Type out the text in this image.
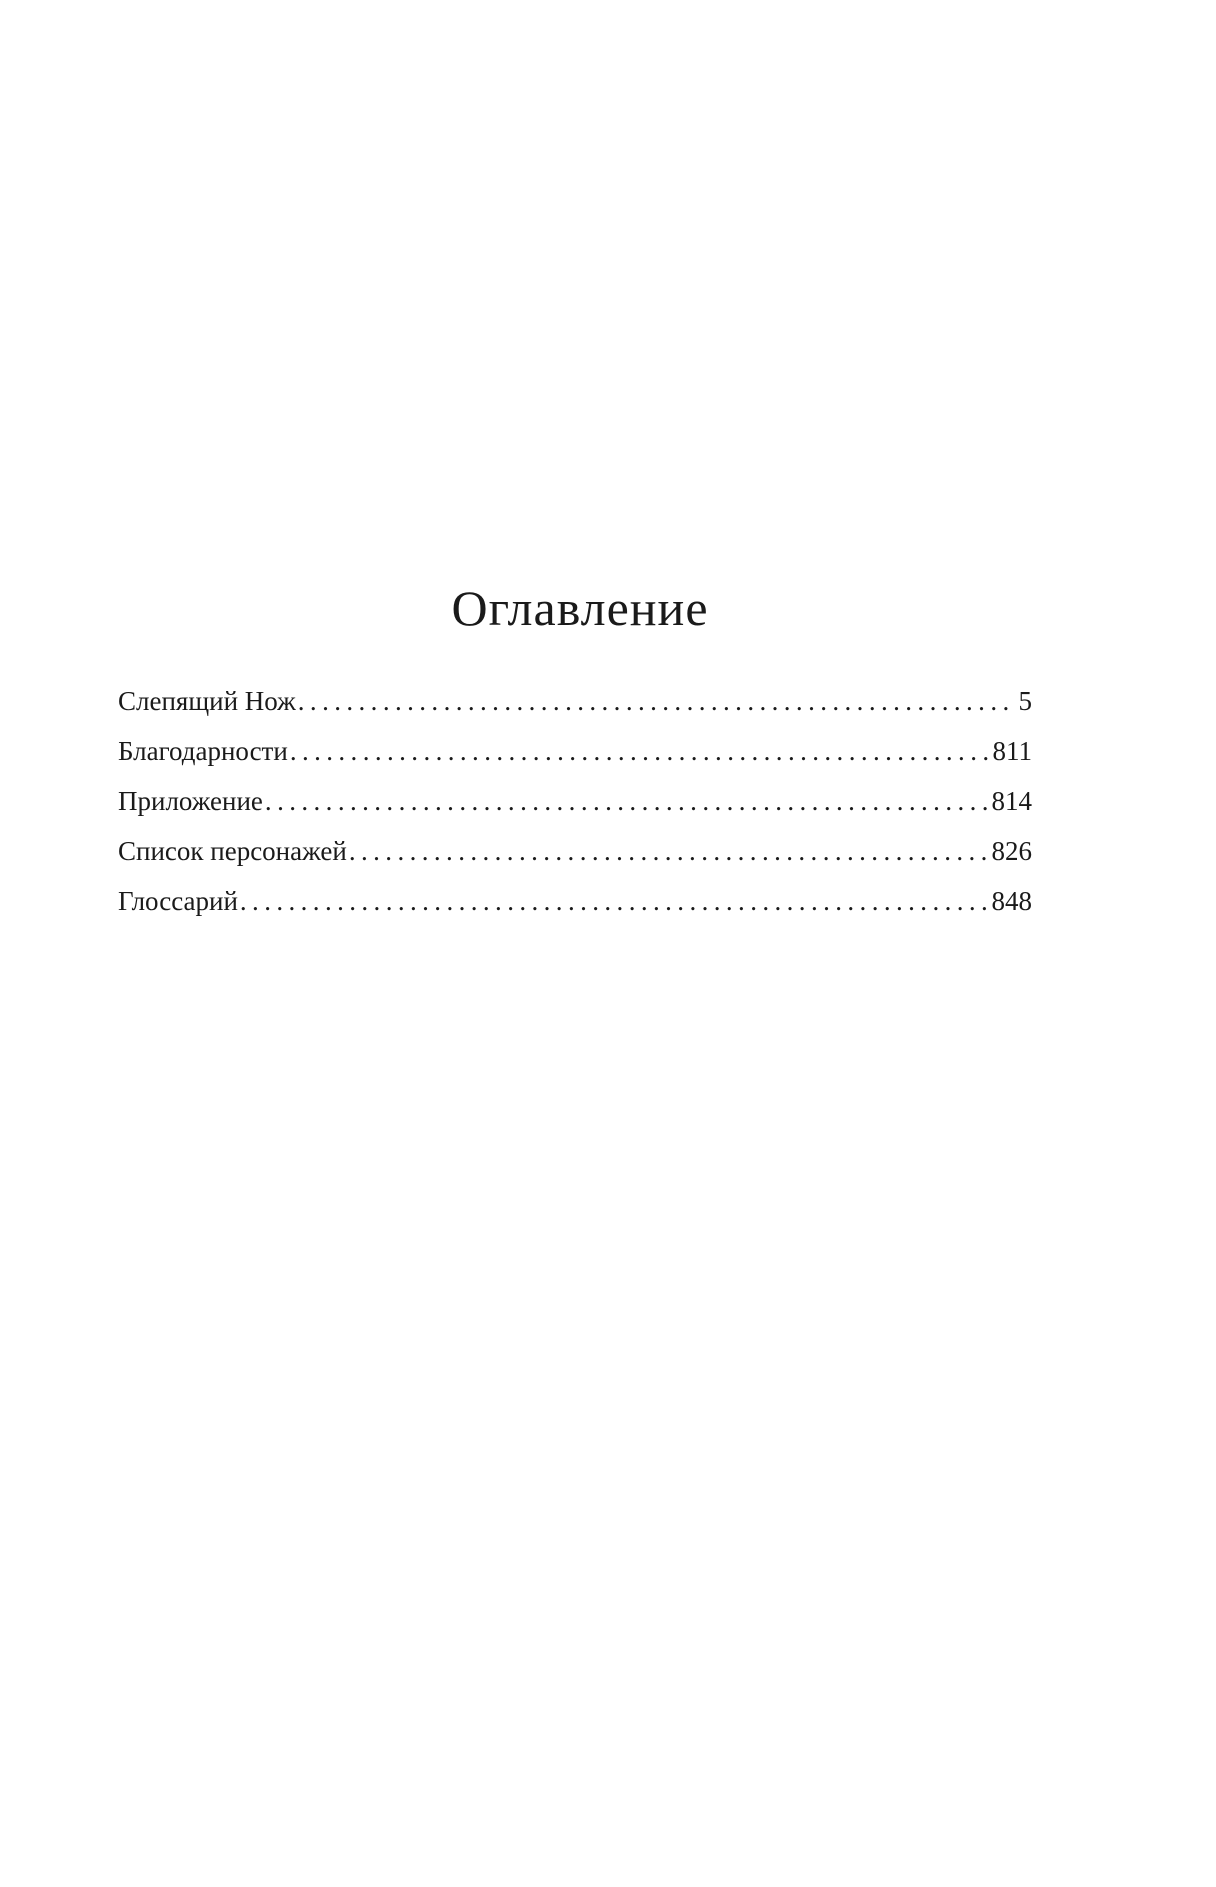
Оглавление
Слепящий Нож .....	5
Благодарности .....	811
Приложение .....	814
Список персонажей .....	826
Глоссарий .....	848
